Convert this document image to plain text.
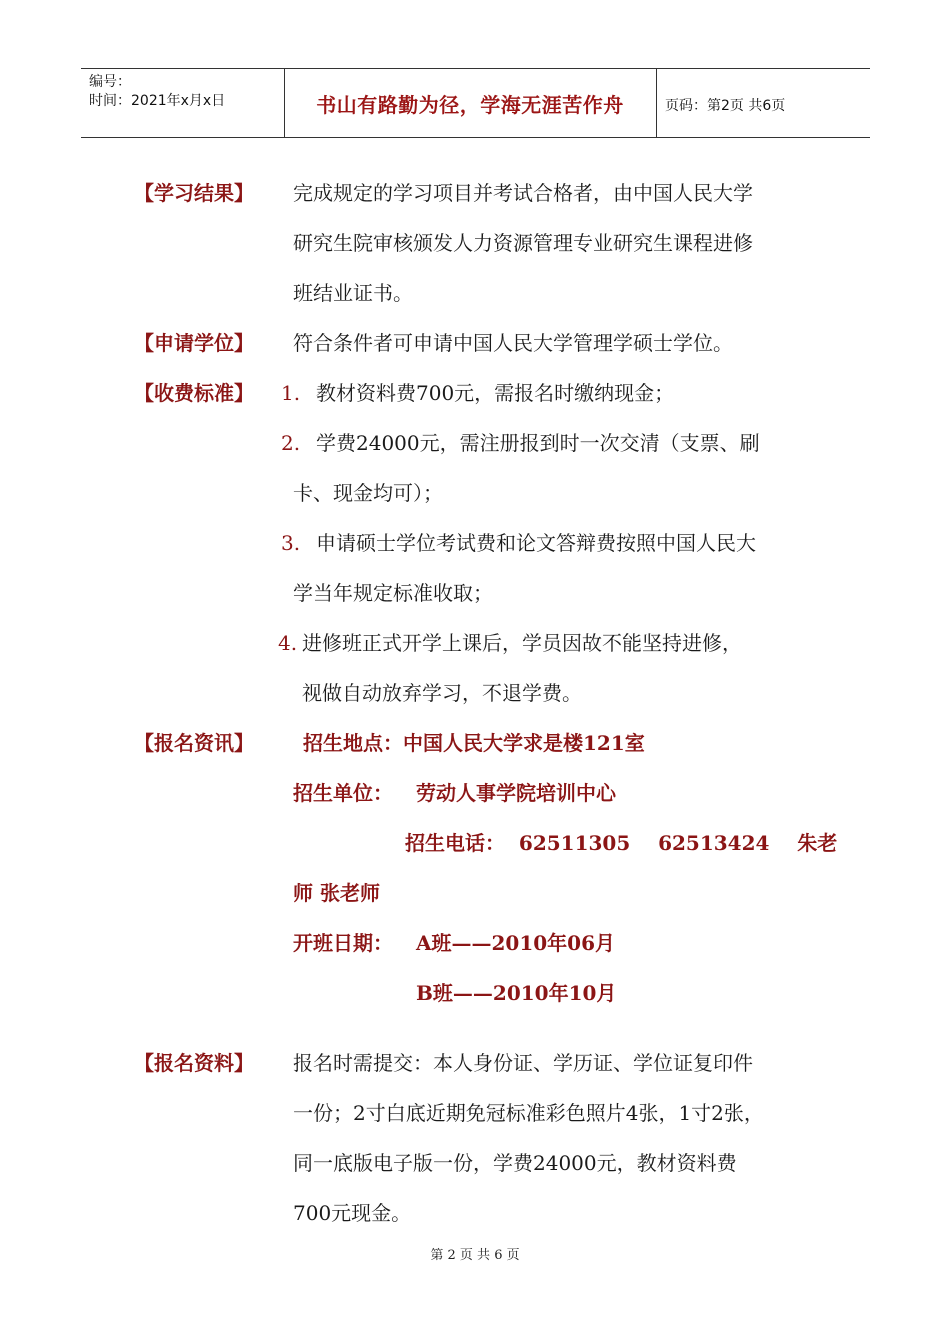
编号：
时间：2021年x月x日	书山有路勤为径，学海无涯苦作舟	页码：第2页 共6页
【学习结果】 完成规定的学习项目并考试合格者，由中国人民大学
研究生院审核颁发人力资源管理专业研究生课程进修
班结业证书。
【申请学位】 符合条件者可申请中国人民大学管理学硕士学位。
【收费标准】 1. 教材资料费700元，需报名时缴纳现金；
2. 学费24000元，需注册报到时一次交清（支票、刷
卡、现金均可）；
3. 申请硕士学位考试费和论文答辩费按照中国人民大
学当年规定标准收取；
4. 进修班正式开学上课后，学员因故不能坚持进修，
视做自动放弃学习，不退学费。
【报名资讯】 招生地点：中国人民大学求是楼121室
招生单位： 劳动人事学院培训中心
招生电话：  62511305    62513424    朱老
师 张老师
开班日期： A班——2010年06月
B班——2010年10月
【报名资料】 报名时需提交：本人身份证、学历证、学位证复印件
一份；2寸白底近期免冠标准彩色照片4张，1寸2张，
同一底版电子版一份，学费24000元，教材资料费
700元现金。
第 2 页 共 6 页
